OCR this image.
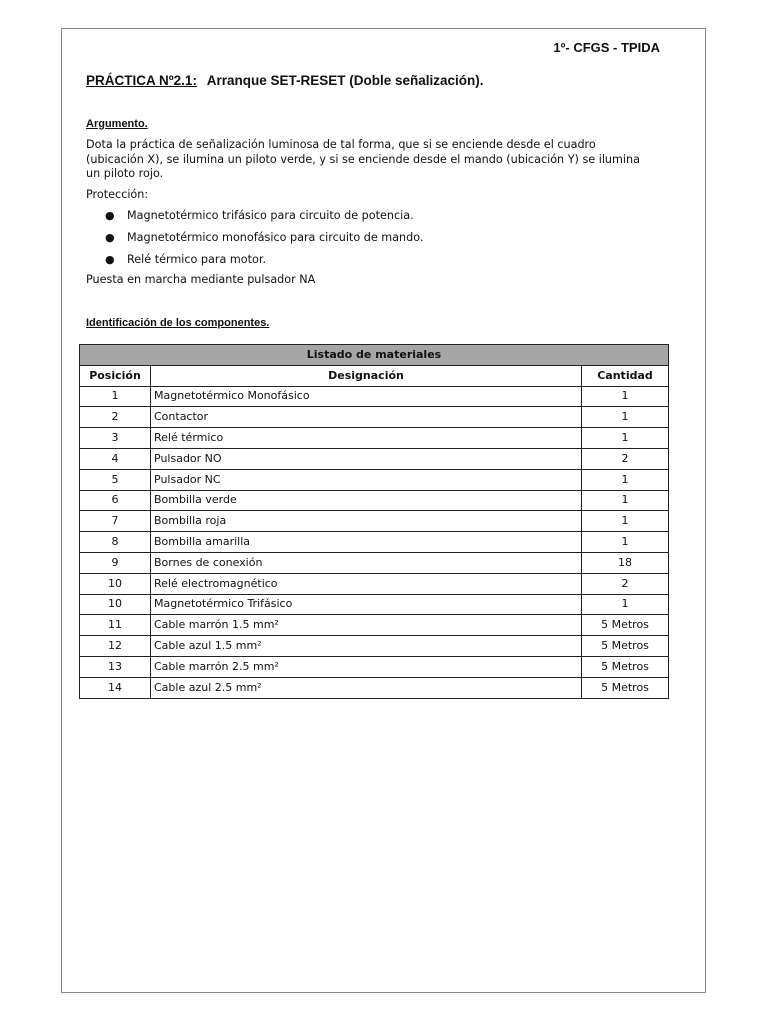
1º- CFGS - TPIDA
PRÁCTICA Nº2.1: Arranque SET-RESET (Doble señalización).
Argumento.
Dota la práctica de señalización luminosa de tal forma, que si se enciende desde el cuadro (ubicación X), se ilumina un piloto verde, y si se enciende desde el mando (ubicación Y) se ilumina un piloto rojo.
Protección:
● Magnetotérmico trifásico para circuito de potencia.
● Magnetotérmico monofásico para circuito de mando.
● Relé térmico para motor.
Puesta en marcha mediante pulsador NA
Identificación de los componentes.
Listado de materiales		
Posición	Designación	Cantidad
1	Magnetotérmico Monofásico	1
2	Contactor	1
3	Relé térmico	1
4	Pulsador NO	2
5	Pulsador NC	1
6	Bombilla verde	1
7	Bombilla roja	1
8	Bombilla amarilla	1
9	Bornes de conexión	18
10	Relé electromagnético	2
10	Magnetotérmico Trifásico	1
11	Cable marrón 1.5 mm²	5 Metros
12	Cable azul 1.5 mm²	5 Metros
13	Cable marrón 2.5 mm²	5 Metros
14	Cable azul 2.5 mm²	5 Metros
